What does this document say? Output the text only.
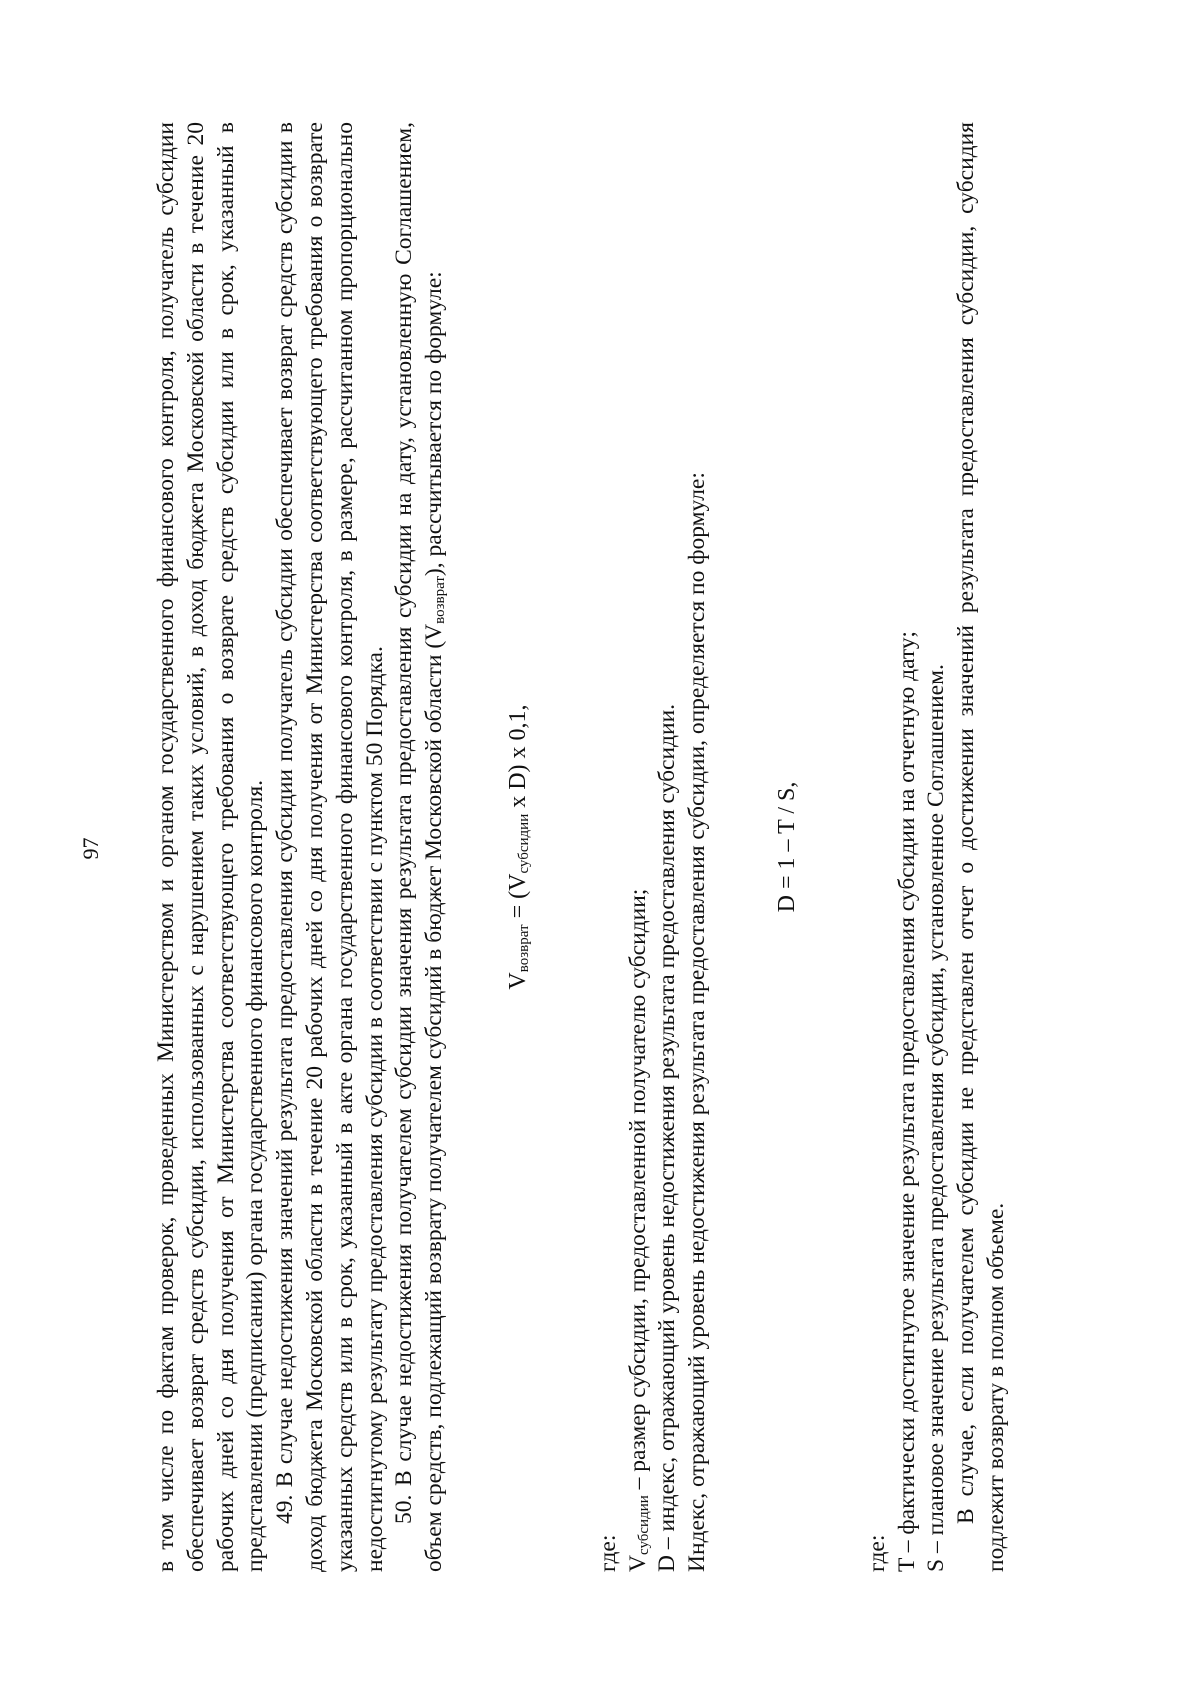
97 в том числе по фактам проверок, проведенных Министерством и органом государственного финансового контроля, получатель субсидии обеспечивает возврат средств субсидии, использованных с нарушением таких условий, в доход бюджета Московской области в течение 20 рабочих дней со дня получения от Министерства соответствующего требования о возврате средств субсидии или в срок, указанный в представлении (предписании) органа государственного финансового контроля. 49. В случае недостижения значений результата предоставления субсидии получатель субсидии обеспечивает возврат средств субсидии в доход бюджета Московской области в течение 20 рабочих дней со дня получения от Министерства соответствующего требования о возврате указанных средств или в срок, указанный в акте органа государственного финансового контроля, в размере, рассчитанном пропорционально недостигнутому результату предоставления субсидии в соответствии с пунктом 50 Порядка. 50. В случае недостижения получателем субсидии значения результата предоставления субсидии на дату, установленную Соглашением, объем средств, подлежащий возврату получателем субсидий в бюджет Московской области $(V_{возврат})$, рассчитывается по формуле:

$V_{возврат} = (V_{субсидии}$ x D) x 0,1,

где: $V_{субсидии}$ – размер субсидии, предоставленной получателю субсидии; D – индекс, отражающий уровень недостижения результата предоставления субсидии. Индекс, отражающий уровень недостижения результата предоставления субсидии, определяется по формуле:	D = 1 – T / S,

где: T – фактически достигнутое значение результата предоставления субсидии на отчетную дату; S – плановое значение результата предоставления субсидии, установленное Соглашением. В случае, если получателем субсидии не представлен отчет о достижении значений результата предоставления субсидии, субсидия подлежит возврату в полном объеме.
